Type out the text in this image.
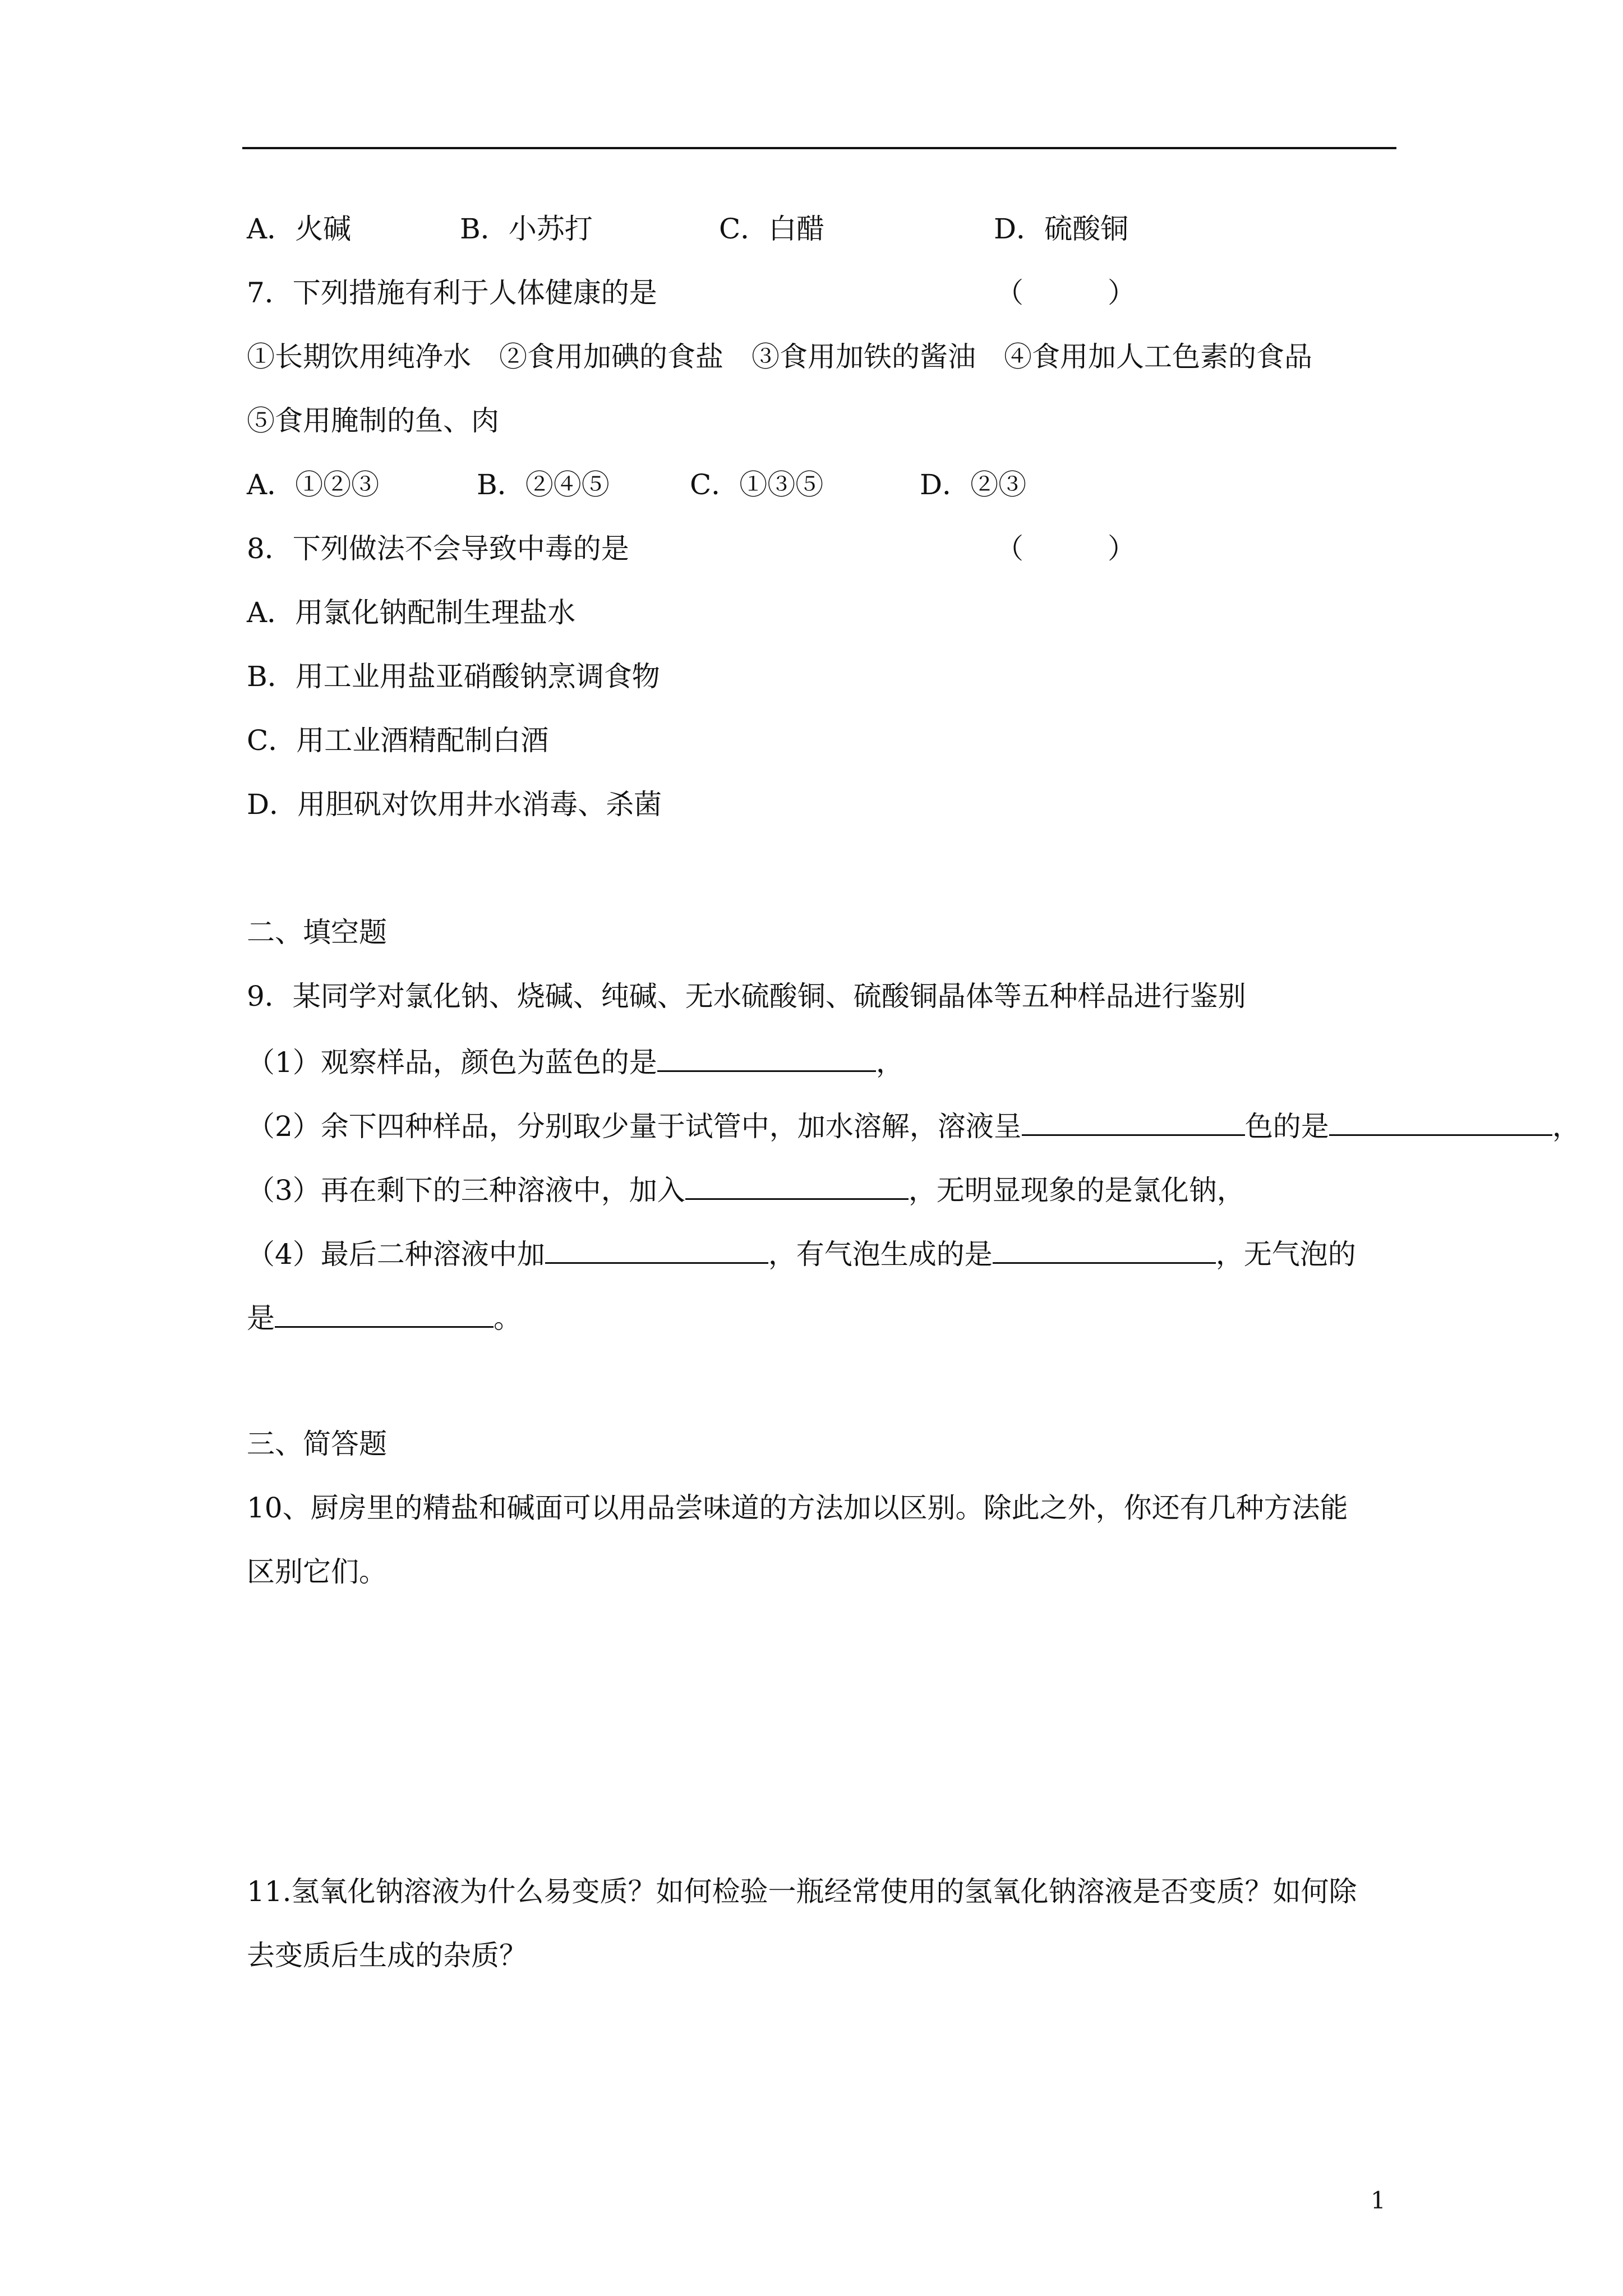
A．火碱	B．小苏打	C．白醋	D．硫酸铜
7．下列措施有利于人体健康的是	（　　　）
①长期饮用纯净水　②食用加碘的食盐　③食用加铁的酱油　④食用加人工色素的食品
⑤食用腌制的鱼、肉
A．①②③	B．②④⑤	C．①③⑤	D．②③
8．下列做法不会导致中毒的是	（　　　）
A．用氯化钠配制生理盐水
B．用工业用盐亚硝酸钠烹调食物
C．用工业酒精配制白酒
D．用胆矾对饮用井水消毒、杀菌
二、填空题
9．某同学对氯化钠、烧碱、纯碱、无水硫酸铜、硫酸铜晶体等五种样品进行鉴别
（1）观察样品，颜色为蓝色的是	，
（2）余下四种样品，分别取少量于试管中，加水溶解，溶液呈	色的是	，
（3）再在剩下的三种溶液中，加入	，无明显现象的是氯化钠，
（4）最后二种溶液中加	，有气泡生成的是	，无气泡的
是	。
三、简答题
10、厨房里的精盐和碱面可以用品尝味道的方法加以区别。除此之外，你还有几种方法能
区别它们。
11.氢氧化钠溶液为什么易变质？如何检验一瓶经常使用的氢氧化钠溶液是否变质？如何除
去变质后生成的杂质？
1
